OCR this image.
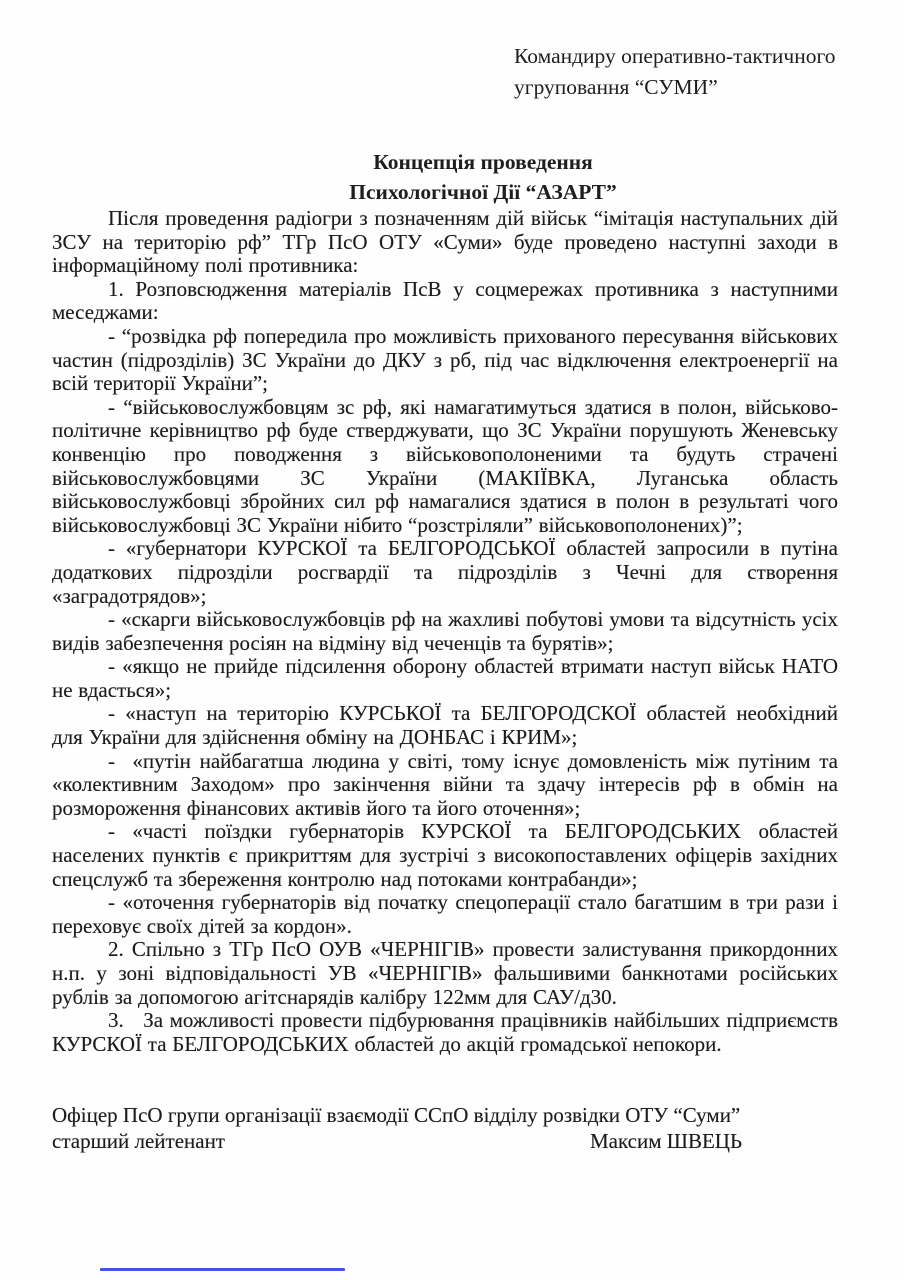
Командиру оперативно-тактичного
угруповання “СУМИ”
Концепція проведення
Психологічної Дії “АЗАРТ”

Після проведення радіогри з позначенням дій військ “імітація наступальних дій ЗСУ на територію рф” ТГр ПсО ОТУ «Суми» буде проведено наступні заходи в інформаційному полі противника:

1. Розповсюдження матеріалів ПсВ у соцмережах противника з наступними меседжами:

- “розвідка рф попередила про можливість прихованого пересування військових частин (підрозділів) ЗС України до ДКУ з рб, під час відключення електроенергії на всій території України”;

- “військовослужбовцям зс рф, які намагатимуться здатися в полон, військово-політичне керівництво рф буде стверджувати, що ЗС України порушують Женевську конвенцію про поводження з військовополоненими та будуть страчені військовослужбовцями ЗС України (МАКІЇВКА, Луганська область військовослужбовці збройних сил рф намагалися здатися в полон в результаті чого військовослужбовці ЗС України нібито “розстріляли” військовополонених)”;

- «губернатори КУРСКОЇ та БЕЛГОРОДСЬКОЇ областей запросили в путіна додаткових підрозділи росгвардії та підрозділів з Чечні для створення «заградотрядов»;

- «скарги військовослужбовців рф на жахливі побутові умови та відсутність усіх видів забезпечення росіян на відміну від чеченців та бурятів»;

- «якщо не прийде підсилення оборону областей втримати наступ військ НАТО не вдасться»;

- «наступ на територію КУРСЬКОЇ та БЕЛГОРОДСКОЇ областей необхідний для України для здійснення обміну на ДОНБАС і КРИМ»;

-  «путін найбагатша людина у світі, тому існує домовленість між путіним та «колективним Заходом» про закінчення війни та здачу інтересів рф в обмін на розмороження фінансових активів його та його оточення»;

- «часті поїздки губернаторів КУРСКОЇ та БЕЛГОРОДСЬКИХ областей населених пунктів є прикриттям для зустрічі з високопоставлених офіцерів західних спецслужб та збереження контролю над потоками контрабанди»;

- «оточення губернаторів від початку спецоперації стало багатшим в три рази і переховує своїх дітей за кордон».

2. Спільно з ТГр ПсО ОУВ «ЧЕРНІГІВ» провести залистування прикордонних н.п. у зоні відповідальності УВ «ЧЕРНІГІВ» фальшивими банкнотами російських рублів за допомогою агітснарядів калібру 122мм для САУ/д30.

3.   За можливості провести підбурювання працівників найбільших підприємств КУРСКОЇ та БЕЛГОРОДСЬКИХ областей до акцій громадської непокори.

Офіцер ПсО групи організації взаємодії ССпО відділу розвідки ОТУ “Суми”
старший лейтенант	Максим ШВЕЦЬ
